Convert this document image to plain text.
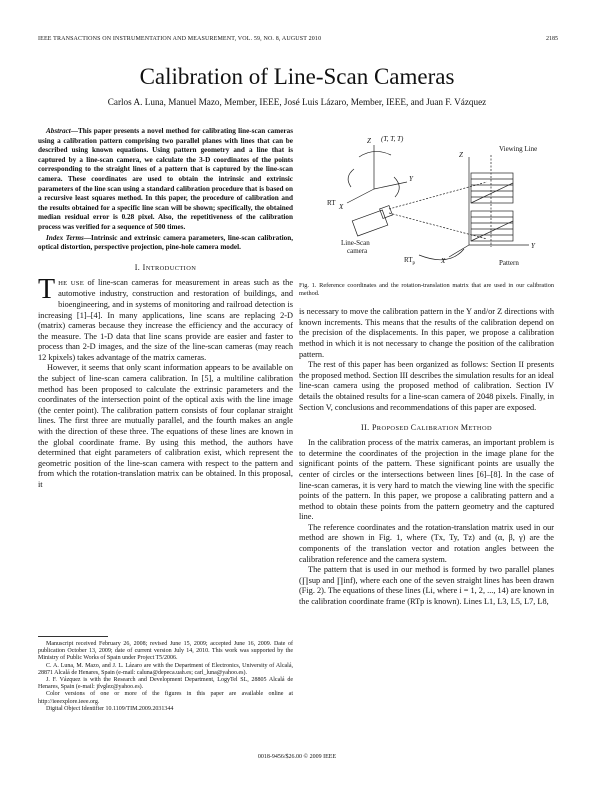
IEEE TRANSACTIONS ON INSTRUMENTATION AND MEASUREMENT, VOL. 59, NO. 8, AUGUST 2010	2185
Calibration of Line-Scan Cameras
Carlos A. Luna, Manuel Mazo, Member, IEEE, José Luis Lázaro, Member, IEEE, and Juan F. Vázquez

Abstract—This paper presents a novel method for calibrating line-scan cameras using a calibration pattern comprising two parallel planes with lines that can be described using known equations. Using pattern geometry and a line that is captured by a line-scan camera, we calculate the 3-D coordinates of the points corresponding to the straight lines of a pattern that is captured by the line-scan camera. These coordinates are used to obtain the intrinsic and extrinsic parameters of the line scan using a standard calibration procedure that is based on a recursive least squares method. In this paper, the procedure of calibration and the results obtained for a specific line scan will be shown; specifically, the obtained median residual error is 0.28 pixel. Also, the repetitiveness of the calibration process was verified for a sequence of 500 times.

Index Terms—Intrinsic and extrinsic camera parameters, line-scan calibration, optical distortion, perspective projection, pine-hole camera model.

I. INTRODUCTION

THE USE of line-scan cameras for measurement in areas such as the automotive industry, construction and restoration of buildings, and bioengineering, and in systems of monitoring and railroad detection is increasing [1]–[4]. In many applications, line scans are replacing 2-D (matrix) cameras because they increase the efficiency and the accuracy of the measure. The 1-D data that line scans provide are easier and faster to process than 2-D images, and the size of the line-scan cameras (may reach 12 kpixels) takes advantage of the matrix cameras.

However, it seems that only scant information appears to be available on the subject of line-scan camera calibration. In [5], a multiline calibration method has been proposed to calculate the extrinsic parameters and the coordinates of the intersection point of the optical axis with the line image (the center point). The calibration pattern consists of four coplanar straight lines. The first three are mutually parallel, and the fourth makes an angle with the direction of these three. The equations of these lines are known in the global coordinate frame. By using this method, the authors have determined that eight parameters of calibration exist, which represent the geometric position of the line-scan camera with respect to the pattern and from which the rotation-translation matrix can be obtained. In this proposal, it

Manuscript received February 26, 2008; revised June 15, 2009; accepted June 16, 2009. Date of publication October 13, 2009; date of current version July 14, 2010. This work was supported by the Ministry of Public Works of Spain under Project T5/2006.

C. A. Luna, M. Mazo, and J. L. Lázaro are with the Department of Electronics, University of Alcalá, 28871 Alcalá de Henares, Spain (e-mail: caluna@depeca.uah.es; carl_luna@yahoo.es).

J. F. Vázquez is with the Research and Development Department, LogyTel SL, 28805 Alcalá de Henares, Spain (e-mail: jfvglez@yahoo.es).

Color versions of one or more of the figures in this paper are available online at http://ieeexplore.ieee.org.

Digital Object Identifier 10.1109/TIM.2009.2031344

Viewing Line
Pattern
Line-Scan camera
RT
$RT_p$
(T, T, T)
Z
X
Y
Z
X
Y

Fig. 1. Reference coordinates and the rotation-translation matrix that are used in our calibration method.

is necessary to move the calibration pattern in the Y and/or Z directions with known increments. This means that the results of the calibration depend on the precision of the displacements. In this paper, we propose a calibration method in which it is not necessary to change the position of the calibration pattern.

The rest of this paper has been organized as follows: Section II presents the proposed method. Section III describes the simulation results for an ideal line-scan camera using the proposed method of calibration. Section IV details the obtained results for a line-scan camera of 2048 pixels. Finally, in Section V, conclusions and recommendations of this paper are exposed.

II. PROPOSED CALIBRATION METHOD

In the calibration process of the matrix cameras, an important problem is to determine the coordinates of the projection in the image plane for the significant points of the pattern. These significant points are usually the center of circles or the intersections between lines [6]–[8]. In the case of line-scan cameras, it is very hard to match the viewing line with the specific points of the pattern. In this paper, we propose a calibrating pattern and a method to obtain these points from the pattern geometry and the captured line.

The reference coordinates and the rotation-translation matrix used in our method are shown in Fig. 1, where (Tx, Ty, Tz) and (α, β, γ) are the components of the translation vector and rotation angles between the calibration reference and the camera system.

The pattern that is used in our method is formed by two parallel planes (∏sup and ∏inf), where each one of the seven straight lines has been drawn (Fig. 2). The equations of these lines (Li, where i = 1, 2, ..., 14) are known in the calibration coordinate frame (RTp is known). Lines L1, L3, L5, L7, L8,

0018-9456/$26.00 © 2009 IEEE
